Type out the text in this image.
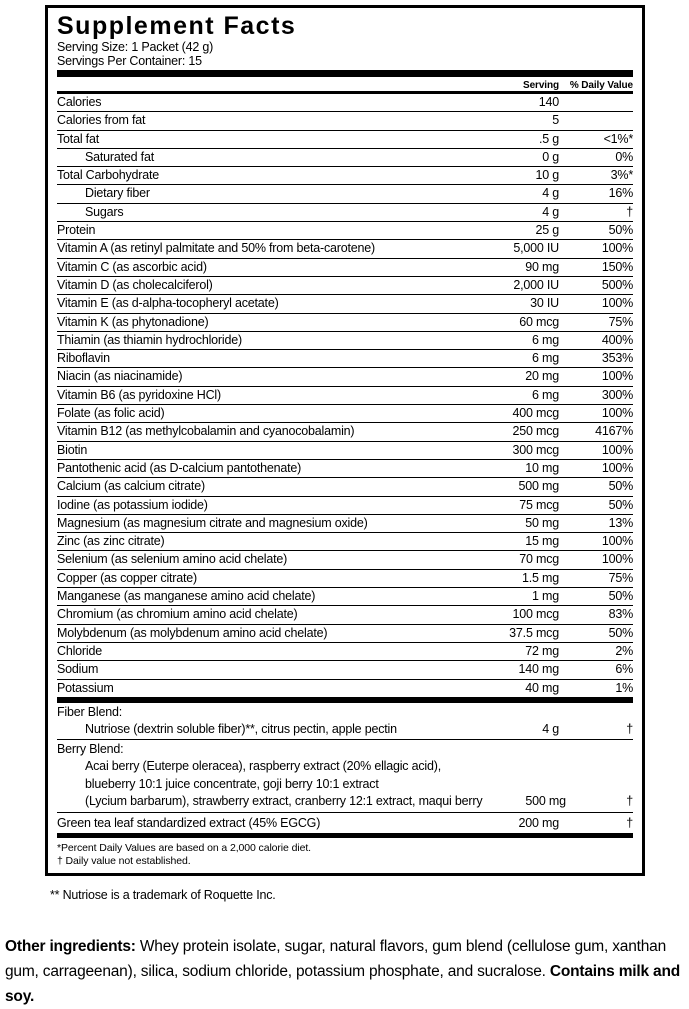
Supplement Facts
Serving Size: 1 Packet (42 g)
Servings Per Container: 15
Amount Per Serving	% Daily Value
Calories	140
Calories from fat	5
Total fat	.5 g	<1%*
Saturated fat	0 g	0%
Total Carbohydrate	10 g	3%*
Dietary fiber	4 g	16%
Sugars	4 g	†
Protein	25 g	50%
Vitamin A (as retinyl palmitate and 50% from beta-carotene)	5,000 IU	100%
Vitamin C (as ascorbic acid)	90 mg	150%
Vitamin D (as cholecalciferol)	2,000 IU	500%
Vitamin E (as d-alpha-tocopheryl acetate)	30 IU	100%
Vitamin K (as phytonadione)	60 mcg	75%
Thiamin (as thiamin hydrochloride)	6 mg	400%
Riboflavin	6 mg	353%
Niacin (as niacinamide)	20 mg	100%
Vitamin B6 (as pyridoxine HCl)	6 mg	300%
Folate (as folic acid)	400 mcg	100%
Vitamin B12 (as methylcobalamin and cyanocobalamin)	250 mcg	4167%
Biotin	300 mcg	100%
Pantothenic acid (as D-calcium pantothenate)	10 mg	100%
Calcium (as calcium citrate)	500 mg	50%
Iodine (as potassium iodide)	75 mcg	50%
Magnesium (as magnesium citrate and magnesium oxide)	50 mg	13%
Zinc (as zinc citrate)	15 mg	100%
Selenium (as selenium amino acid chelate)	70 mcg	100%
Copper (as copper citrate)	1.5 mg	75%
Manganese (as manganese amino acid chelate)	1 mg	50%
Chromium (as chromium amino acid chelate)	100 mcg	83%
Molybdenum (as molybdenum amino acid chelate)	37.5 mcg	50%
Chloride	72 mg	2%
Sodium	140 mg	6%
Potassium	40 mg	1%
Fiber Blend:
Nutriose (dextrin soluble fiber)**, citrus pectin, apple pectin	4 g	†
Berry Blend:
Acai berry (Euterpe oleracea), raspberry extract (20% ellagic acid),
blueberry 10:1 juice concentrate, goji berry 10:1 extract
(Lycium barbarum), strawberry extract, cranberry 12:1 extract, maqui berry	500 mg	†
Green tea leaf standardized extract (45% EGCG)	200 mg	†
*Percent Daily Values are based on a 2,000 calorie diet.
† Daily value not established.
** Nutriose is a trademark of Roquette Inc.

Other ingredients: Whey protein isolate, sugar, natural flavors, gum blend (cellulose gum, xanthan gum, carrageenan), silica, sodium chloride, potassium phosphate, and sucralose. Contains milk and soy.
